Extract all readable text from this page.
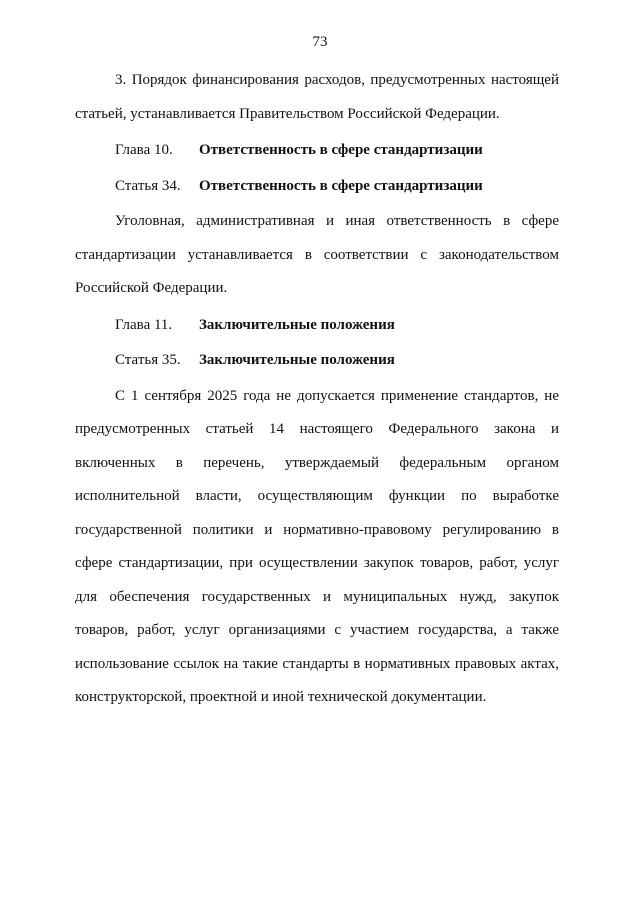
73

3. Порядок финансирования расходов, предусмотренных настоящей
статьей, устанавливается Правительством Российской Федерации.

Глава 10.	Ответственность в сфере стандартизации
Статья 34.	Ответственность в сфере стандартизации

Уголовная, административная и иная ответственность в сфере
стандартизации устанавливается в соответствии с законодательством
Российской Федерации.

Глава 11.	Заключительные положения
Статья 35.	Заключительные положения

С 1 сентября 2025 года не допускается применение стандартов, не
предусмотренных статьей 14 настоящего Федерального закона и
включенных в перечень, утверждаемый федеральным органом
исполнительной власти, осуществляющим функции по выработке
государственной политики и нормативно-правовому регулированию в
сфере стандартизации, при осуществлении закупок товаров, работ, услуг
для обеспечения государственных и муниципальных нужд, закупок
товаров, работ, услуг организациями с участием государства, а также
использование ссылок на такие стандарты в нормативных правовых актах,
конструкторской, проектной и иной технической документации.
